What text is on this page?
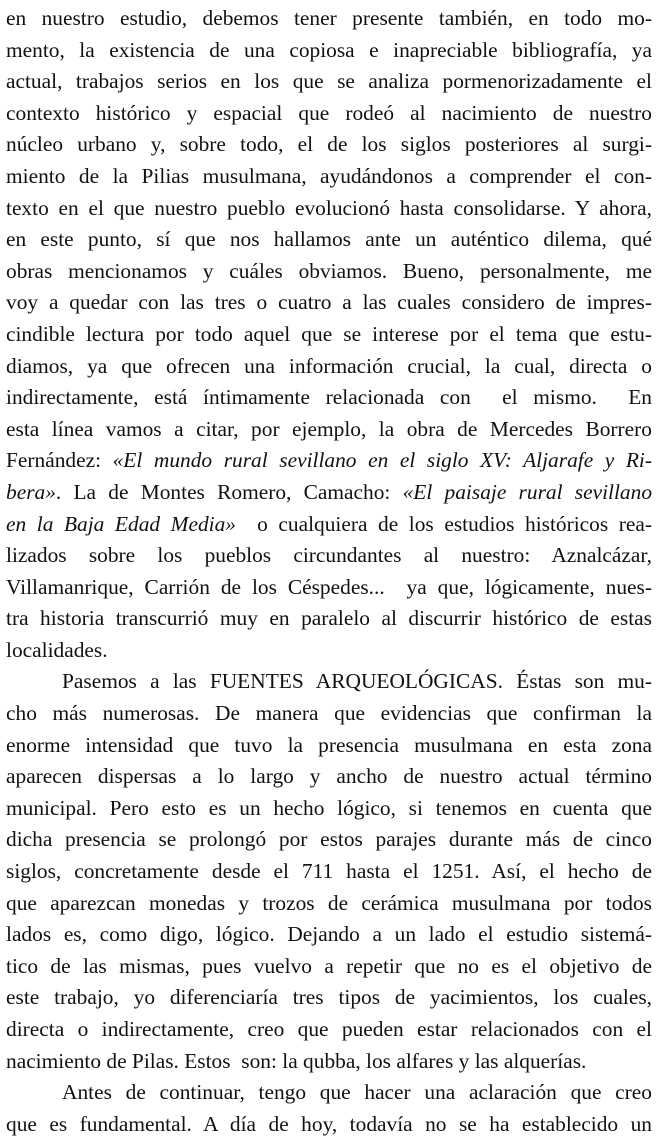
en nuestro estudio, debemos tener presente también, en todo mo-
mento, la existencia de una copiosa e inapreciable bibliografía, ya
actual, trabajos serios en los que se analiza pormenorizadamente el
contexto histórico y espacial que rodeó al nacimiento de nuestro
núcleo urbano y, sobre todo, el de los siglos posteriores al surgi-
miento de la Pilias musulmana, ayudándonos a comprender el con-
texto en el que nuestro pueblo evolucionó hasta consolidarse. Y ahora,
en este punto, sí que nos hallamos ante un auténtico dilema, qué
obras mencionamos y cuáles obviamos. Bueno, personalmente, me
voy a quedar con las tres o cuatro a las cuales considero de impres-
cindible lectura por todo aquel que se interese por el tema que estu-
diamos, ya que ofrecen una información crucial, la cual, directa o
indirectamente, está íntimamente relacionada con  el mismo.  En
esta línea vamos a citar, por ejemplo, la obra de Mercedes Borrero
Fernández: «El mundo rural sevillano en el siglo XV: Aljarafe y Ri-
bera». La de Montes Romero, Camacho: «El paisaje rural sevillano
en la Baja Edad Media»  o cualquiera de los estudios históricos rea-
lizados sobre los pueblos circundantes al nuestro: Aznalcázar,
Villamanrique, Carrión de los Céspedes...  ya que, lógicamente, nues-
tra historia transcurrió muy en paralelo al discurrir histórico de estas
localidades.
Pasemos a las FUENTES ARQUEOLÓGICAS. Éstas son mu-
cho más numerosas. De manera que evidencias que confirman la
enorme intensidad que tuvo la presencia musulmana en esta zona
aparecen dispersas a lo largo y ancho de nuestro actual término
municipal. Pero esto es un hecho lógico, si tenemos en cuenta que
dicha presencia se prolongó por estos parajes durante más de cinco
siglos, concretamente desde el 711 hasta el 1251. Así, el hecho de
que aparezcan monedas y trozos de cerámica musulmana por todos
lados es, como digo, lógico. Dejando a un lado el estudio sistemá-
tico de las mismas, pues vuelvo a repetir que no es el objetivo de
este trabajo, yo diferenciaría tres tipos de yacimientos, los cuales,
directa o indirectamente, creo que pueden estar relacionados con el
nacimiento de Pilas. Estos  son: la qubba, los alfares y las alquerías.
Antes de continuar, tengo que hacer una aclaración que creo
que es fundamental. A día de hoy, todavía no se ha establecido un
